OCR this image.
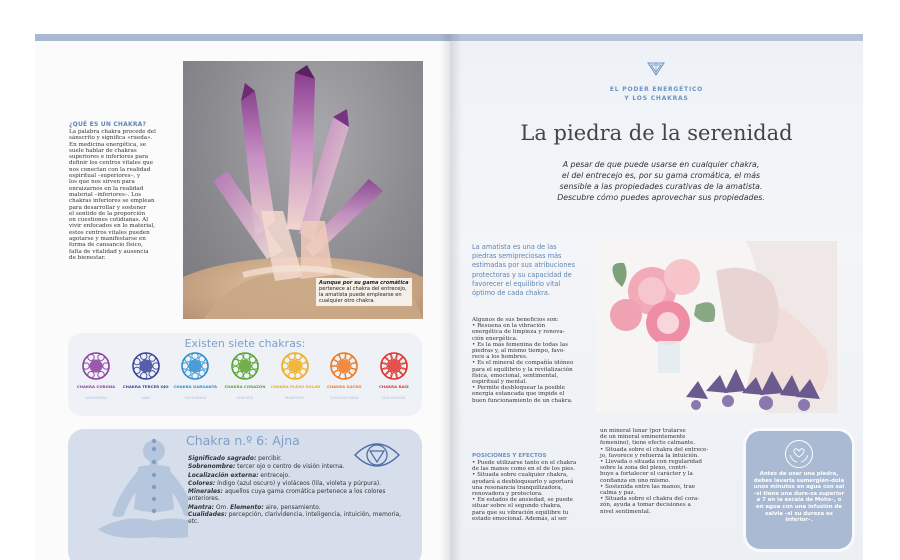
¿QUÉ ES UN CHAKRA?
La palabra chakra procede del
sánscrito y significa «rueda».
En medicina energética, se
suele hablar de chakras
superiores e inferiores para
definir los centros vitales que
nos conectan con la realidad
espiritual –superiores–, y
los que nos sirven para
enraizarnos en la realidad
material –inferiores–. Los
chakras inferiores se emplean
para desarrollar y sostener
el sentido de la proporción
en cuestiones cotidianas. Al
vivir enfocados en lo material,
estos centros vitales pueden
agotarse y manifestarse en
forma de cansancio físico,
falta de vitalidad y ausencia
de bienestar.
Aunque por su gama cromática pertenece al chakra del entrecejo, la amatista puede emplearse en cualquier otro chakra.
Existen siete chakras:
CHAKRA CORONA
SAHASRARA
CHAKRA TERCER OJO
AJNA
CHAKRA GARGANTA
VISHUDDHA
CHAKRA CORAZÓN
ANAHATA
CHAKRA PLEXO SOLAR
MANIPURA
CHAKRA SACRO
SVADHISTHANA
CHAKRA RAÍZ
MULADHARA
Chakra n.º 6: Ajna
Significado sagrado: percibir.
Sobrenombre: tercer ojo o centro de visión interna.
Localización externa: entrecejo.
Colores: índigo (azul oscuro) y violáceos (lila, violeta y púrpura).
Minerales: aquellos cuya gama cromática pertenece a los colores anteriores.
Mantra: Om. Elemento: aire, pensamiento.
Cualidades: percepción, clarividencia, inteligencia, intuición, memoria, etc.
EL PODER ENERGÉTICO
Y LOS CHAKRAS
La piedra de la serenidad
A pesar de que puede usarse en cualquier chakra,
el del entrecejo es, por su gama cromática, el más
sensible a las propiedades curativas de la amatista.
Descubre cómo puedes aprovechar sus propiedades.
La amatista es una de las
piedras semipreciosas más
estimadas por sus atribuciones
protectoras y su capacidad de
favorecer el equilibrio vital
óptimo de cada chakra.
Algunos de sus beneficios son:
• Resuena en la vibración
energética de limpieza y renova-
ción energética.
• Es la más femenina de todas las
piedras y, al mismo tiempo, favo-
rece a los hombres.
• Es el mineral de compañía idóneo
para el equilibrio y la revitalización
física, emocional, sentimental,
espiritual y mental.
• Permite desbloquear la posible
energía estancada que impide el
buen funcionamiento de un chakra.
POSICIONES Y EFECTOS
• Puede utilizarse tanto en el chakra
de las manos como en el de los pies.
• Situada sobre cualquier chakra,
ayudará a desbloquearlo y aportará
una resonancia tranquilizadora,
renovadora y protectora.
• En estados de ansiedad, se puede
situar sobre el segundo chakra,
para que su vibración equilibre tu
estado emocional. Además, al ser
un mineral lunar (por tratarse
de un mineral eminentemente
femenino), tiene efecto calmante.
• Situada sobre el chakra del entrece-
jo, favorece y refuerza la intuición.
• Llevada o situada con regularidad
sobre la zona del plexo, contri-
buye a fortalecer el carácter y la
confianza en uno mismo.
• Sostenida entre las manos, trae
calma y paz.
• Situada sobre el chakra del cora-
zón, ayuda a tomar decisiones a
nivel sentimental.
Antes de usar una piedra, debes lavarla sumergién-dola unos minutos en agua con sal –si tiene una dure-za superior a 7 en la escala de Mohs–, o en agua con una infusión de salvia –si su dureza es inferior–.
